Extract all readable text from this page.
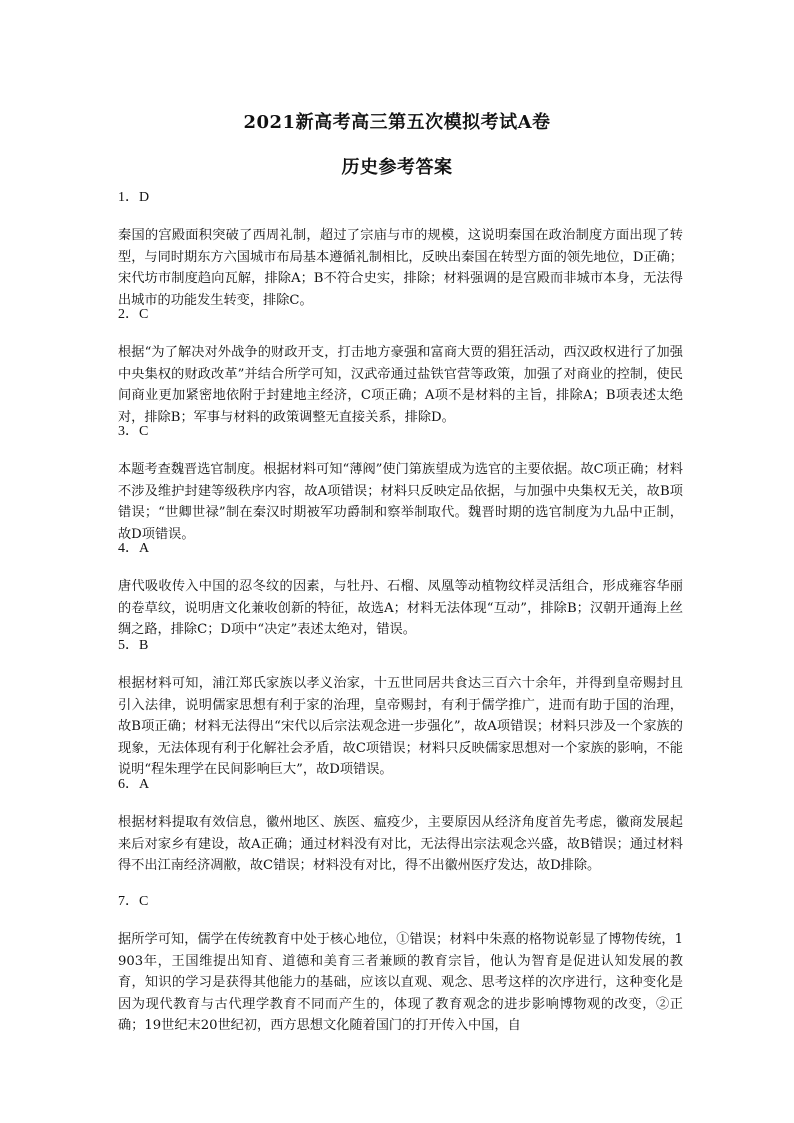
2021新高考高三第五次模拟考试A卷
历史参考答案
1．D
秦国的宫殿面积突破了西周礼制，超过了宗庙与市的规模，这说明秦国在政治制度方面出现了转型，与同时期东方六国城市布局基本遵循礼制相比，反映出秦国在转型方面的领先地位，D正确；宋代坊市制度趋向瓦解，排除A；B不符合史实，排除；材料强调的是宫殿而非城市本身，无法得出城市的功能发生转变，排除C。
2．C
根据“为了解决对外战争的财政开支，打击地方豪强和富商大贾的猖狂活动，西汉政权进行了加强中央集权的财政改革”并结合所学可知，汉武帝通过盐铁官营等政策，加强了对商业的控制，使民间商业更加紧密地依附于封建地主经济，C项正确；A项不是材料的主旨，排除A；B项表述太绝对，排除B；军事与材料的政策调整无直接关系，排除D。
3．C
本题考查魏晋选官制度。根据材料可知“薄阀”使门第族望成为选官的主要依据。故C项正确；材料不涉及维护封建等级秩序内容，故A项错误；材料只反映定品依据，与加强中央集权无关，故B项错误；“世卿世禄”制在秦汉时期被军功爵制和察举制取代。魏晋时期的选官制度为九品中正制，故D项错误。
4．A
唐代吸收传入中国的忍冬纹的因素，与牡丹、石榴、凤凰等动植物纹样灵活组合，形成雍容华丽的卷草纹，说明唐文化兼收创新的特征，故选A；材料无法体现“互动”，排除B；汉朝开通海上丝绸之路，排除C；D项中“决定”表述太绝对，错误。
5．B
根据材料可知，浦江郑氏家族以孝义治家，十五世同居共食达三百六十余年，并得到皇帝赐封且引入法律，说明儒家思想有利于家的治理，皇帝赐封，有利于儒学推广，进而有助于国的治理，故B项正确；材料无法得出“宋代以后宗法观念进一步强化”，故A项错误；材料只涉及一个家族的现象，无法体现有利于化解社会矛盾，故C项错误；材料只反映儒家思想对一个家族的影响，不能说明“程朱理学在民间影响巨大”，故D项错误。
6．A
根据材料提取有效信息，徽州地区、族医、瘟疫少，主要原因从经济角度首先考虑，徽商发展起来后对家乡有建设，故A正确；通过材料没有对比，无法得出宗法观念兴盛，故B错误；通过材料得不出江南经济凋敝，故C错误；材料没有对比，得不出徽州医疗发达，故D排除。
7．C
据所学可知，儒学在传统教育中处于核心地位，①错误；材料中朱熹的格物说彰显了博物传统，1903年，王国维提出知育、道德和美育三者兼顾的教育宗旨，他认为智育是促进认知发展的教育，知识的学习是获得其他能力的基础，应该以直观、观念、思考这样的次序进行，这种变化是因为现代教育与古代理学教育不同而产生的，体现了教育观念的进步影响博物观的改变，②正确；19世纪末20世纪初，西方思想文化随着国门的打开传入中国，自
